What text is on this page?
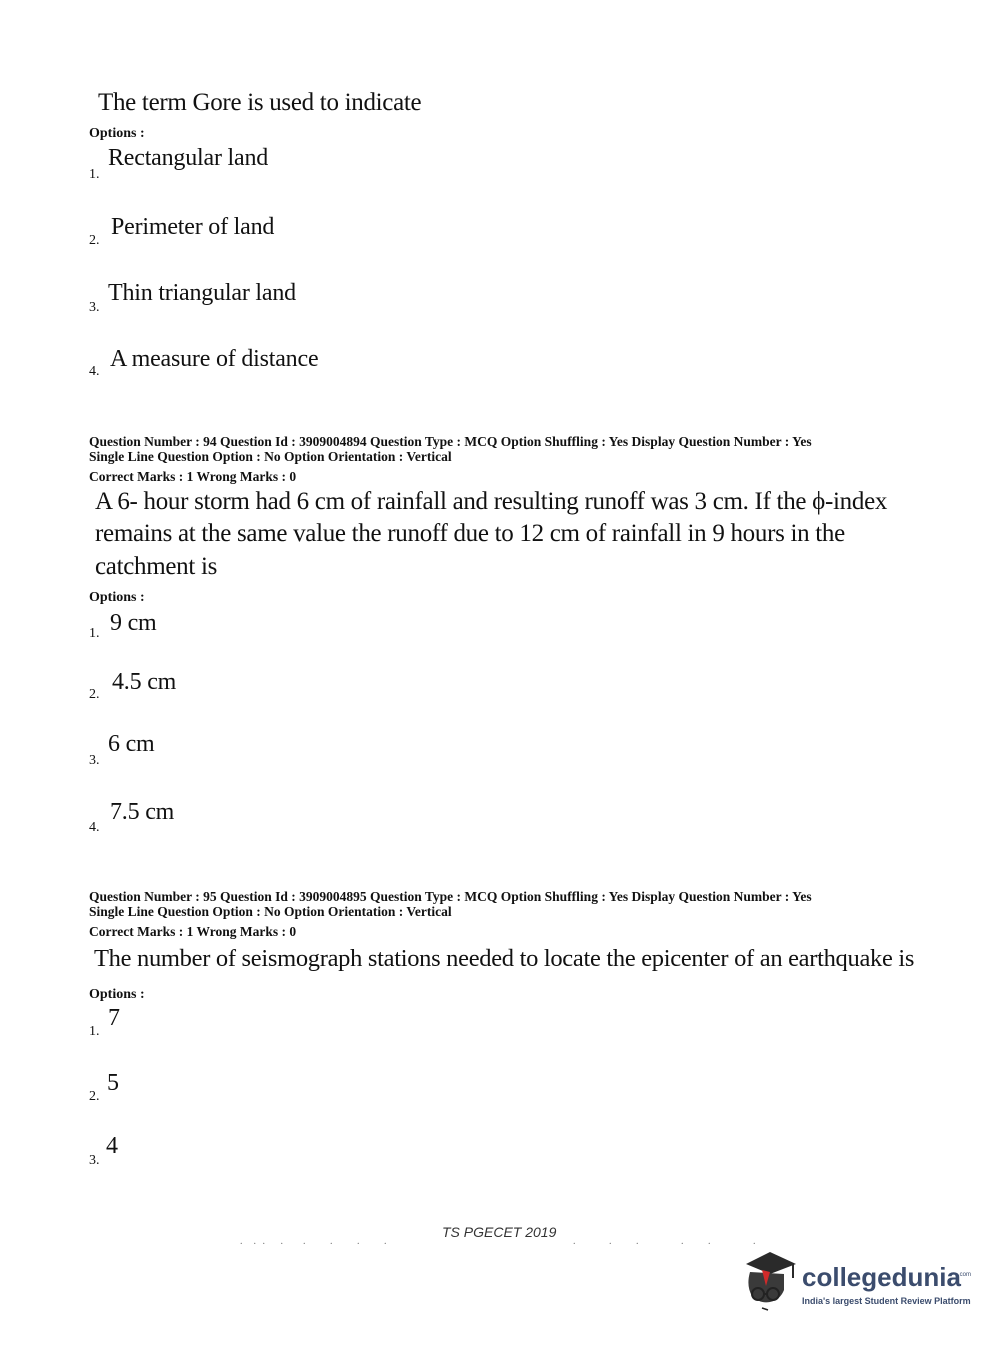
The term Gore is used to indicate
Options :
1.
Rectangular land
2.
Perimeter of land
3.
Thin triangular land
4. A measure of distance
Question Number : 94 Question Id : 3909004894 Question Type : MCQ Option Shuffling : Yes Display Question Number : Yes
Single Line Question Option : No Option Orientation : Vertical
Correct Marks : 1 Wrong Marks : 0
A 6- hour storm had 6 cm of rainfall and resulting runoff was 3 cm. If the ϕ-index
remains at the same value the runoff due to 12 cm of rainfall in 9 hours in the
catchment is
Options :
1. 9 cm
2. 4.5 cm
3.
6 cm
4.
7.5 cm
Question Number : 95 Question Id : 3909004895 Question Type : MCQ Option Shuffling : Yes Display Question Number : Yes
Single Line Question Option : No Option Orientation : Vertical
Correct Marks : 1 Wrong Marks : 0
The number of seismograph stations needed to locate the epicenter of an earthquake is
Options :
1.
7
2.
5
3.
4
TS PGECET 2019
.  . .   .    .     .     .     .                                         .       .     .         .     .         .
collegedunia
.com
India's largest Student Review Platform
